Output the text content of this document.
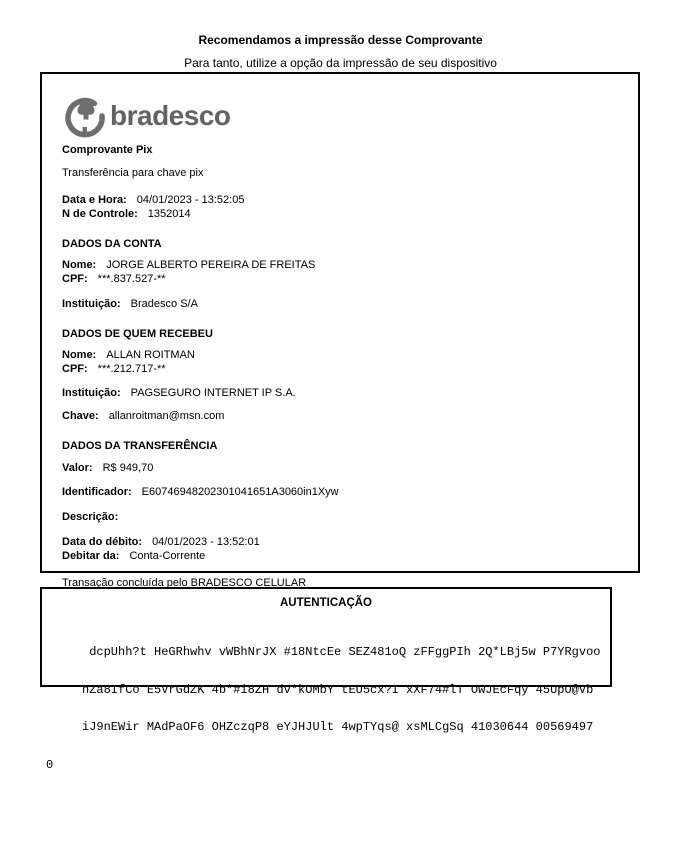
Recomendamos a impressão desse Comprovante
Para tanto, utilize a opção da impressão de seu dispositivo
bradesco
Comprovante Pix
Transferência para chave pix
Data e Hora: 04/01/2023 - 13:52:05
N de Controle: 1352014
DADOS DA CONTA
Nome: JORGE ALBERTO PEREIRA DE FREITAS
CPF: ***.837.527-**
Instituição: Bradesco S/A
DADOS DE QUEM RECEBEU
Nome: ALLAN ROITMAN
CPF: ***.212.717-**
Instituição: PAGSEGURO INTERNET IP S.A.
Chave: allanroitman@msn.com
DADOS DA TRANSFERÊNCIA
Valor: R$ 949,70
Identificador: E60746948202301041651A3060in1Xyw
Descrição:
Data do débito: 04/01/2023 - 13:52:01
Debitar da: Conta-Corrente
Transação concluída pelo BRADESCO CELULAR
AUTENTICAÇÃO

dcpUhh?t HeGRhwhv vWBhNrJX #18NtcEe SEZ481oQ zFFggPIh 2Q*LBj5w P7YRgvoo

nZa8IfCo E5VrGdZK 4b*#i8ZH dv*kOMbY tEU5cx?I xXF74#lT OwJEcFqy 45UpO@Vb

iJ9nEWir MAdPaOF6 OHZczqP8 eYJHJUlt 4wpTYqs@ xsMLCgSq 41030644 00569497

0
